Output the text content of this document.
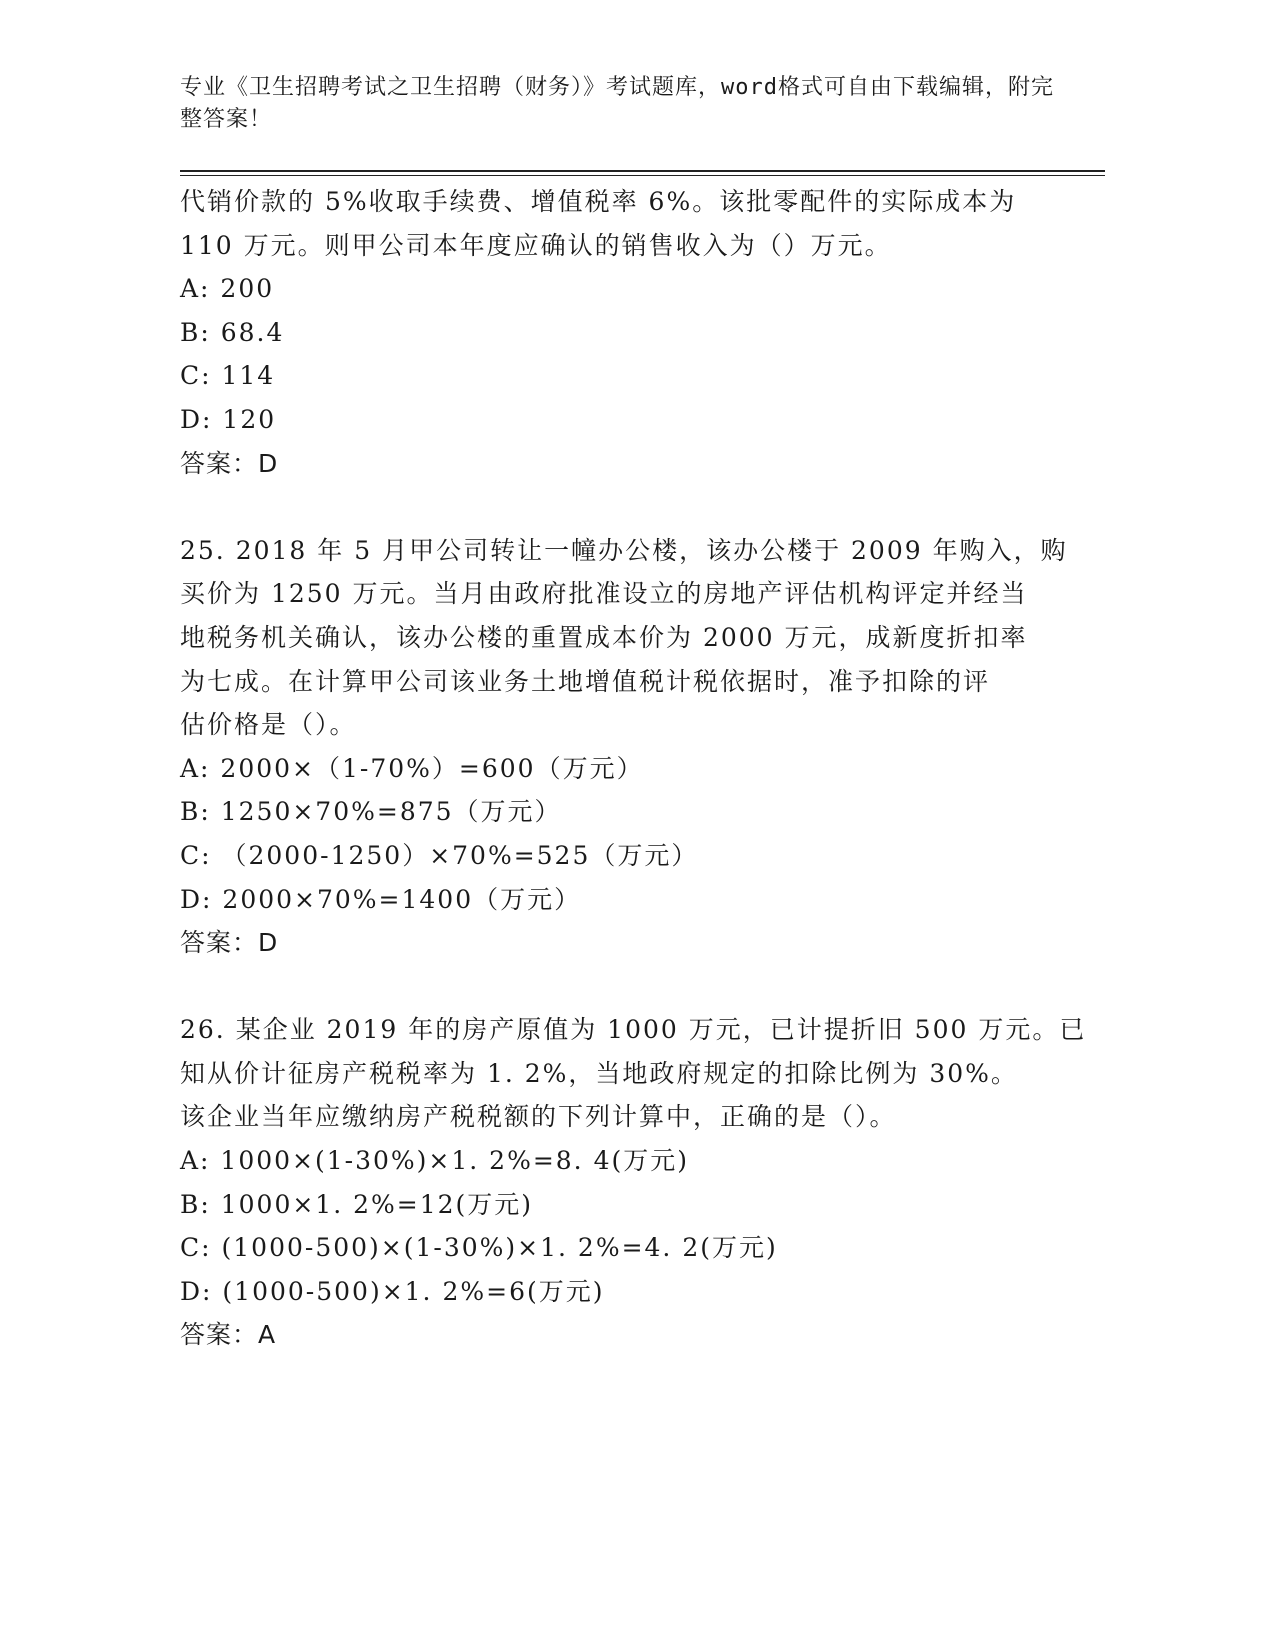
专业《卫生招聘考试之卫生招聘（财务）》考试题库，word格式可自由下载编辑，附完整答案！
代销价款的 5%收取手续费、增值税率 6%。该批零配件的实际成本为
110 万元。则甲公司本年度应确认的销售收入为（）万元。
A: 200
B: 68.4
C: 114
D: 120
答案：D
25. 2018 年 5 月甲公司转让一幢办公楼，该办公楼于 2009 年购入，购
买价为 1250 万元。当月由政府批准设立的房地产评估机构评定并经当
地税务机关确认，该办公楼的重置成本价为 2000 万元，成新度折扣率
为七成。在计算甲公司该业务土地增值税计税依据时，准予扣除的评
估价格是（）。
A: 2000×（1-70%）=600（万元）
B: 1250×70%=875（万元）
C: （2000-1250）×70%=525（万元）
D: 2000×70%=1400（万元）
答案：D
26. 某企业 2019 年的房产原值为 1000 万元，已计提折旧 500 万元。已
知从价计征房产税税率为 1. 2%，当地政府规定的扣除比例为 30%。
该企业当年应缴纳房产税税额的下列计算中，正确的是（）。
A: 1000×(1-30%)×1. 2%=8. 4(万元)
B: 1000×1. 2%=12(万元)
C: (1000-500)×(1-30%)×1. 2%=4. 2(万元)
D: (1000-500)×1. 2%=6(万元)
答案：A
